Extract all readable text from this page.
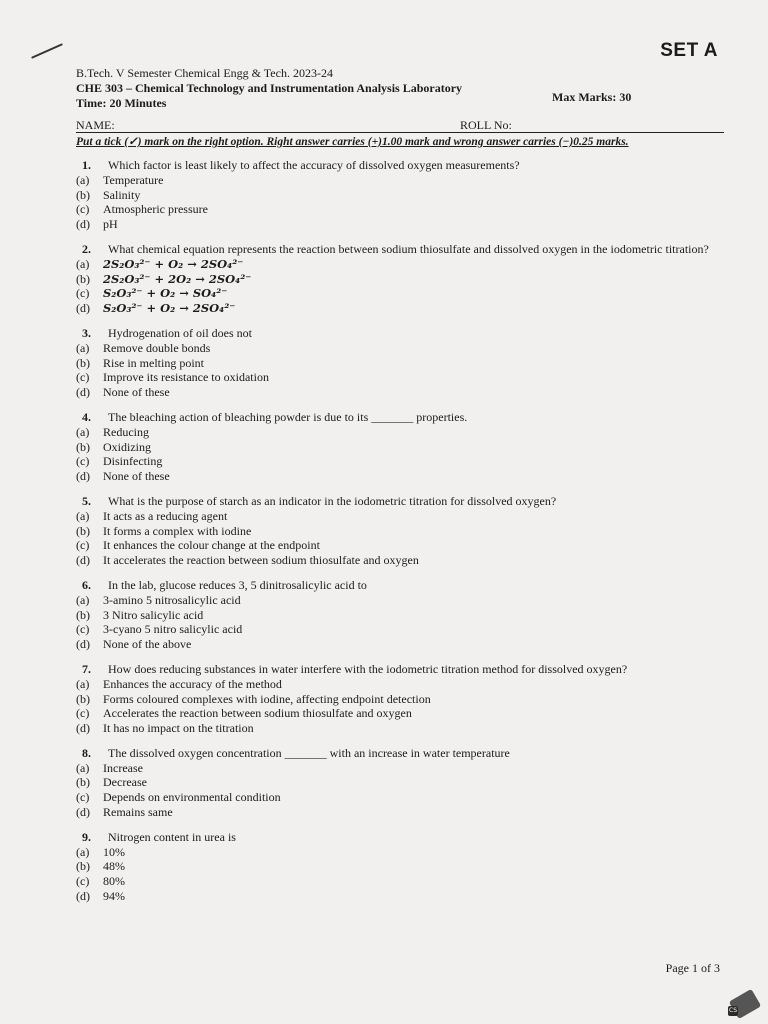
SET A
B.Tech. V Semester Chemical Engg & Tech. 2023-24
CHE 303 – Chemical Technology and Instrumentation Analysis Laboratory
Time: 20 Minutes	Max Marks: 30
NAME:	ROLL No:
Put a tick (✓) mark on the right option. Right answer carries (+)1.00 mark and wrong answer carries (−)0.25 marks.
1.	Which factor is least likely to affect the accuracy of dissolved oxygen measurements?
(a)	Temperature
(b)	Salinity
(c)	Atmospheric pressure
(d)	pH
2.	What chemical equation represents the reaction between sodium thiosulfate and dissolved oxygen in the iodometric titration?
(a)	2S₂O₃²⁻ + O₂ → 2SO₄²⁻
(b)	2S₂O₃²⁻ + 2O₂ → 2SO₄²⁻
(c)	S₂O₃²⁻ + O₂ → SO₄²⁻
(d)	S₂O₃²⁻ + O₂ → 2SO₄²⁻
3.	Hydrogenation of oil does not
(a)	Remove double bonds
(b)	Rise in melting point
(c)	Improve its resistance to oxidation
(d)	None of these
4.	The bleaching action of bleaching powder is due to its _______ properties.
(a)	Reducing
(b)	Oxidizing
(c)	Disinfecting
(d)	None of these
5.	What is the purpose of starch as an indicator in the iodometric titration for dissolved oxygen?
(a)	It acts as a reducing agent
(b)	It forms a complex with iodine
(c)	It enhances the colour change at the endpoint
(d)	It accelerates the reaction between sodium thiosulfate and oxygen
6.	In the lab, glucose reduces 3, 5 dinitrosalicylic acid to
(a)	3-amino 5 nitrosalicylic acid
(b)	3 Nitro salicylic acid
(c)	3-cyano 5 nitro salicylic acid
(d)	None of the above
7.	How does reducing substances in water interfere with the iodometric titration method for dissolved oxygen?
(a)	Enhances the accuracy of the method
(b)	Forms coloured complexes with iodine, affecting endpoint detection
(c)	Accelerates the reaction between sodium thiosulfate and oxygen
(d)	It has no impact on the titration
8.	The dissolved oxygen concentration _______ with an increase in water temperature
(a)	Increase
(b)	Decrease
(c)	Depends on environmental condition
(d)	Remains same
9.	Nitrogen content in urea is
(a)	10%
(b)	48%
(c)	80%
(d)	94%
Page 1 of 3
CS
